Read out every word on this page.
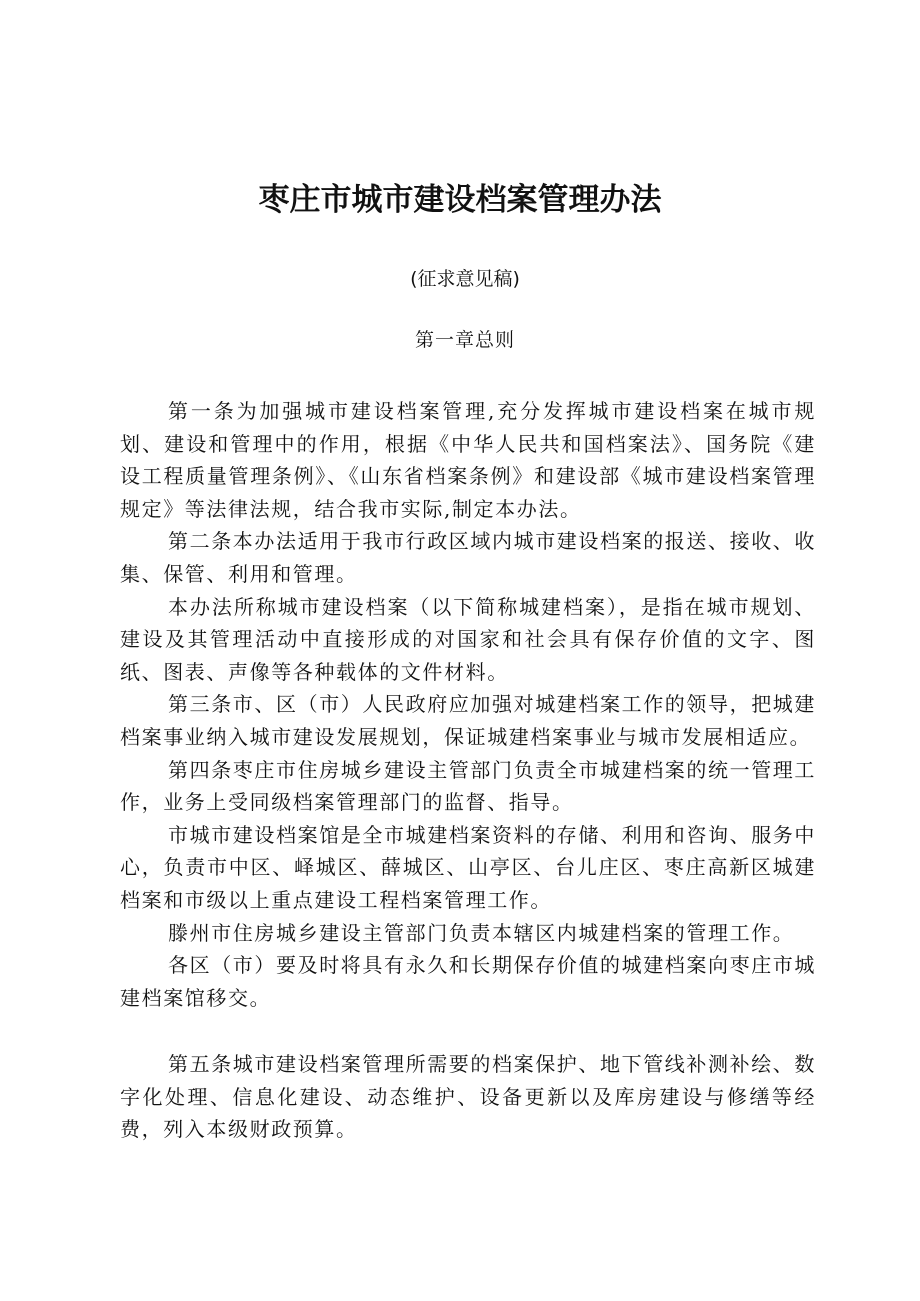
枣庄市城市建设档案管理办法
(征求意见稿)
第一章总则

第一条为加强城市建设档案管理,充分发挥城市建设档案在城市规划、建设和管理中的作用，根据《中华人民共和国档案法》、国务院《建设工程质量管理条例》、《山东省档案条例》和建设部《城市建设档案管理规定》等法律法规，结合我市实际,制定本办法。

第二条本办法适用于我市行政区域内城市建设档案的报送、接收、收集、保管、利用和管理。

本办法所称城市建设档案（以下简称城建档案），是指在城市规划、建设及其管理活动中直接形成的对国家和社会具有保存价值的文字、图纸、图表、声像等各种载体的文件材料。

第三条市、区（市）人民政府应加强对城建档案工作的领导，把城建档案事业纳入城市建设发展规划，保证城建档案事业与城市发展相适应。

第四条枣庄市住房城乡建设主管部门负责全市城建档案的统一管理工作，业务上受同级档案管理部门的监督、指导。

市城市建设档案馆是全市城建档案资料的存储、利用和咨询、服务中心，负责市中区、峄城区、薛城区、山亭区、台儿庄区、枣庄高新区城建档案和市级以上重点建设工程档案管理工作。

滕州市住房城乡建设主管部门负责本辖区内城建档案的管理工作。

各区（市）要及时将具有永久和长期保存价值的城建档案向枣庄市城建档案馆移交。

第五条城市建设档案管理所需要的档案保护、地下管线补测补绘、数字化处理、信息化建设、动态维护、设备更新以及库房建设与修缮等经费，列入本级财政预算。
